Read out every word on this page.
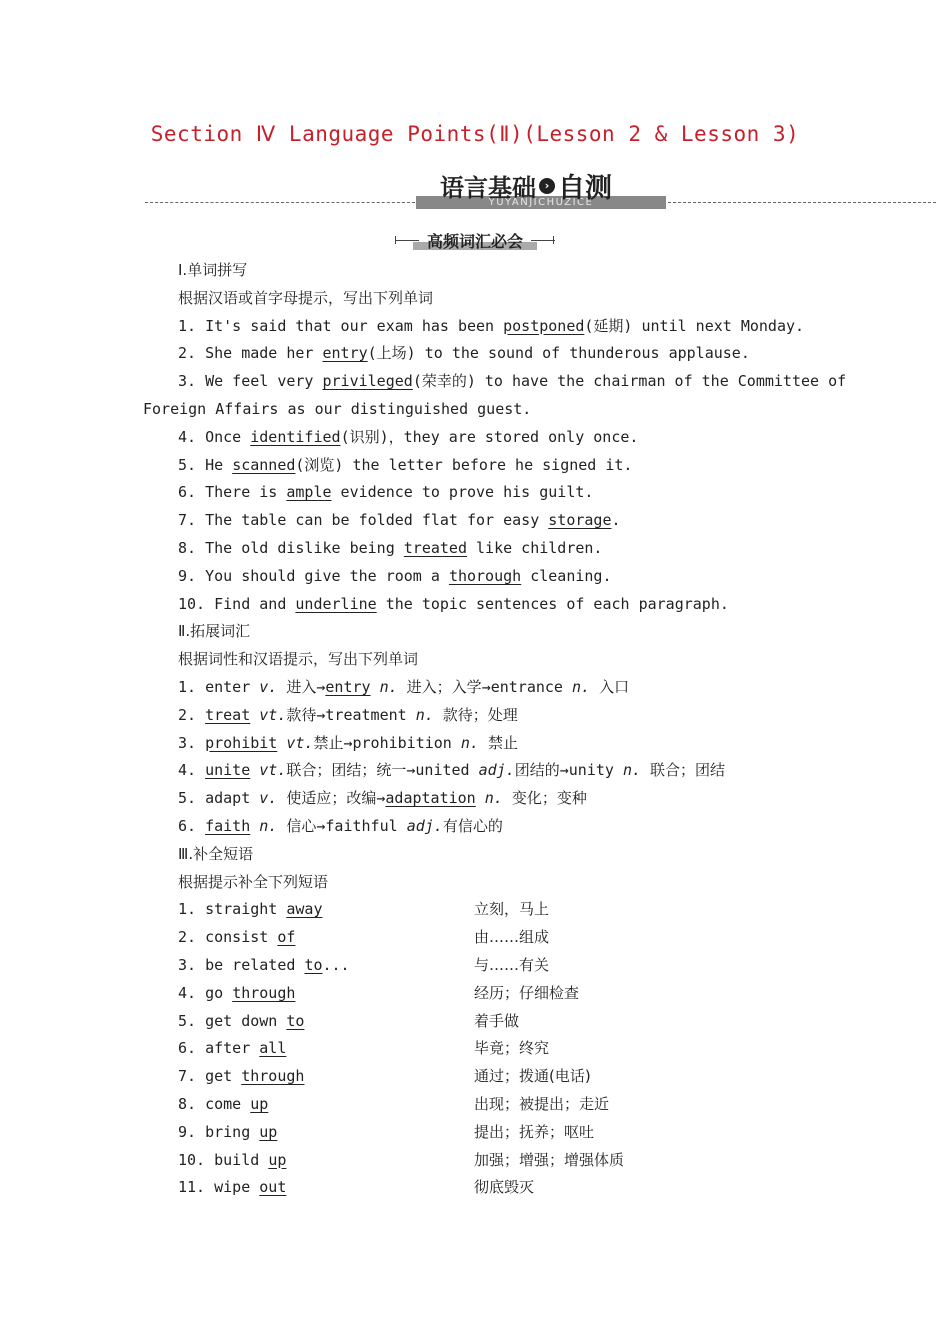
Section Ⅳ Language Points(Ⅱ)(Lesson 2 & Lesson 3)
YUYANJICHUZICE
语言基础 › 自测
高频词汇必会
Ⅰ.单词拼写
根据汉语或首字母提示，写出下列单词
1. It's said that our exam has been postponed(延期) until next Monday.
2. She made her entry(上场) to the sound of thunderous applause.
3. We feel very privileged(荣幸的) to have the chairman of the Committee of
Foreign Affairs as our distinguished guest.
4. Once identified(识别)，they are stored only once.
5. He scanned(浏览) the letter before he signed it.
6. There is ample evidence to prove his guilt.
7. The table can be folded flat for easy storage.
8. The old dislike being treated like children.
9. You should give the room a thorough cleaning.
10. Find and underline the topic sentences of each paragraph.
Ⅱ.拓展词汇
根据词性和汉语提示，写出下列单词
1. enter v. 进入→entry n. 进入；入学→entrance n. 入口
2. treat vt.款待→treatment n. 款待；处理
3. prohibit vt.禁止→prohibition n. 禁止
4. unite vt.联合；团结；统一→united adj.团结的→unity n. 联合；团结
5. adapt v. 使适应；改编→adaptation n. 变化；变种
6. faith n. 信心→faithful adj.有信心的
Ⅲ.补全短语
根据提示补全下列短语
1. straight away	立刻，马上
2. consist of	由……组成
3. be related to...	与……有关
4. go through	经历；仔细检查
5. get down to	着手做
6. after all	毕竟；终究
7. get through	通过；拨通(电话)
8. come up	出现；被提出；走近
9. bring up	提出；抚养；呕吐
10. build up	加强；增强；增强体质
11. wipe out	彻底毁灭
